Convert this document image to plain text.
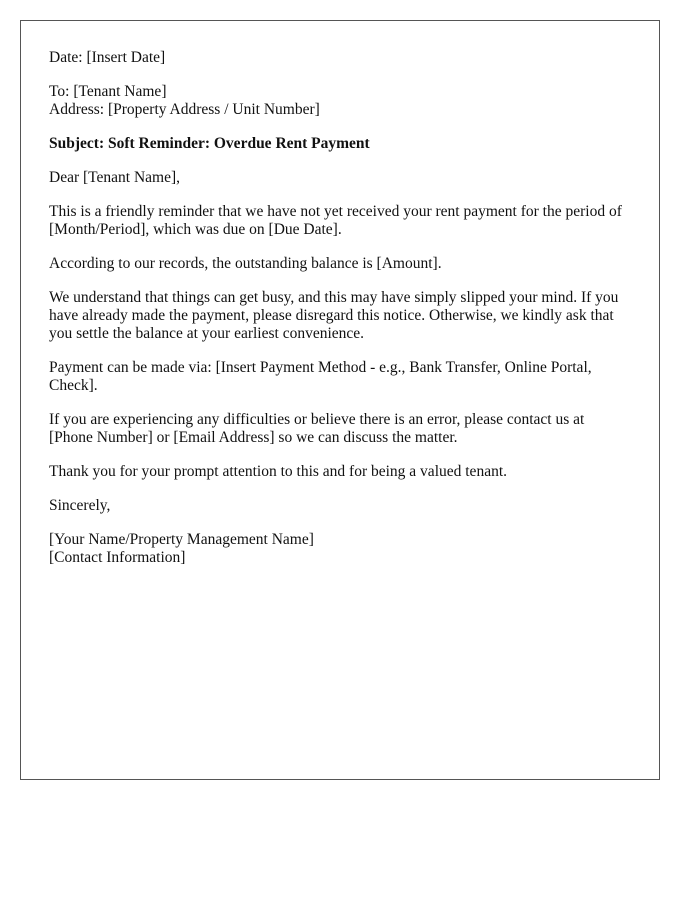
Date: [Insert Date]

To: [Tenant Name]
Address: [Property Address / Unit Number]

Subject: Soft Reminder: Overdue Rent Payment

Dear [Tenant Name],

This is a friendly reminder that we have not yet received your rent payment for the period of [Month/Period], which was due on [Due Date].

According to our records, the outstanding balance is [Amount].

We understand that things can get busy, and this may have simply slipped your mind. If you have already made the payment, please disregard this notice. Otherwise, we kindly ask that you settle the balance at your earliest convenience.

Payment can be made via: [Insert Payment Method - e.g., Bank Transfer, Online Portal, Check].

If you are experiencing any difficulties or believe there is an error, please contact us at [Phone Number] or [Email Address] so we can discuss the matter.

Thank you for your prompt attention to this and for being a valued tenant.

Sincerely,

[Your Name/Property Management Name]
[Contact Information]
